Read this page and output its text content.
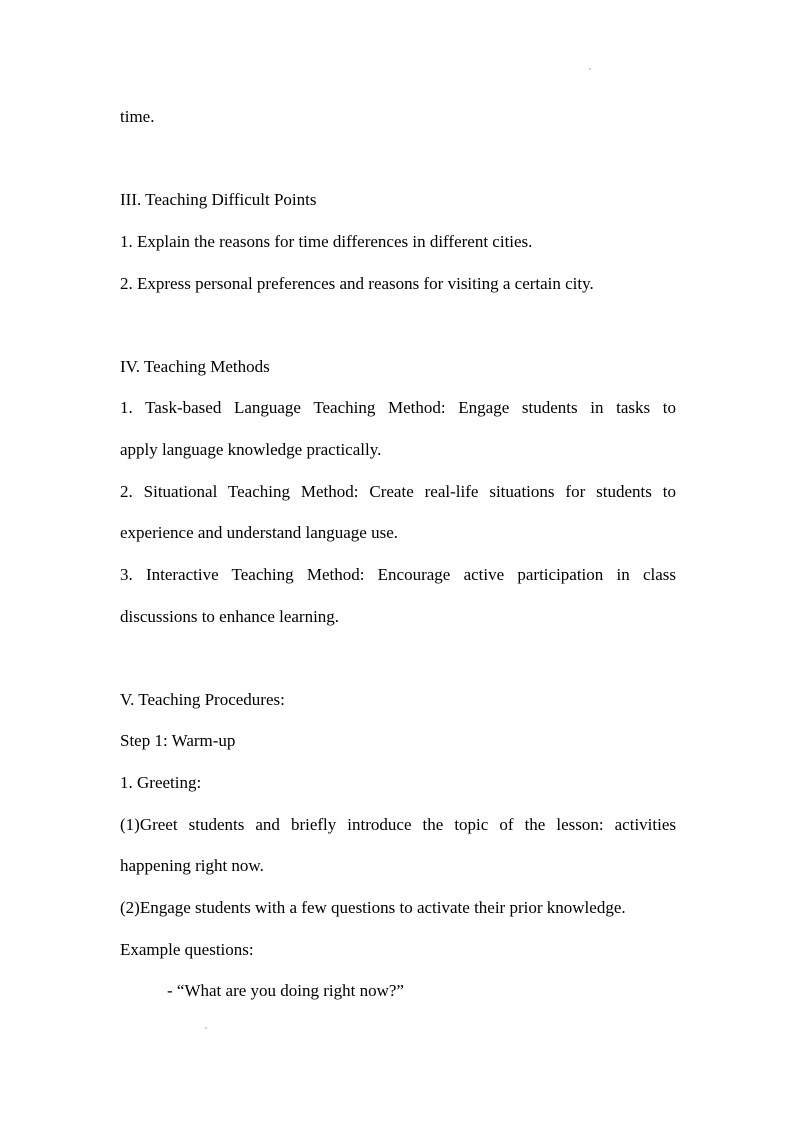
time.
III. Teaching Difficult Points
1. Explain the reasons for time differences in different cities.
2. Express personal preferences and reasons for visiting a certain city.
IV. Teaching Methods
1. Task-based Language Teaching Method: Engage students in tasks to
apply language knowledge practically.
2. Situational Teaching Method: Create real-life situations for students to
experience and understand language use.
3. Interactive Teaching Method: Encourage active participation in class
discussions to enhance learning.
V. Teaching Procedures:
Step 1: Warm-up
1. Greeting:
(1)Greet students and briefly introduce the topic of the lesson: activities
happening right now.
(2)Engage students with a few questions to activate their prior knowledge.
Example questions:
- “What are you doing right now?”
